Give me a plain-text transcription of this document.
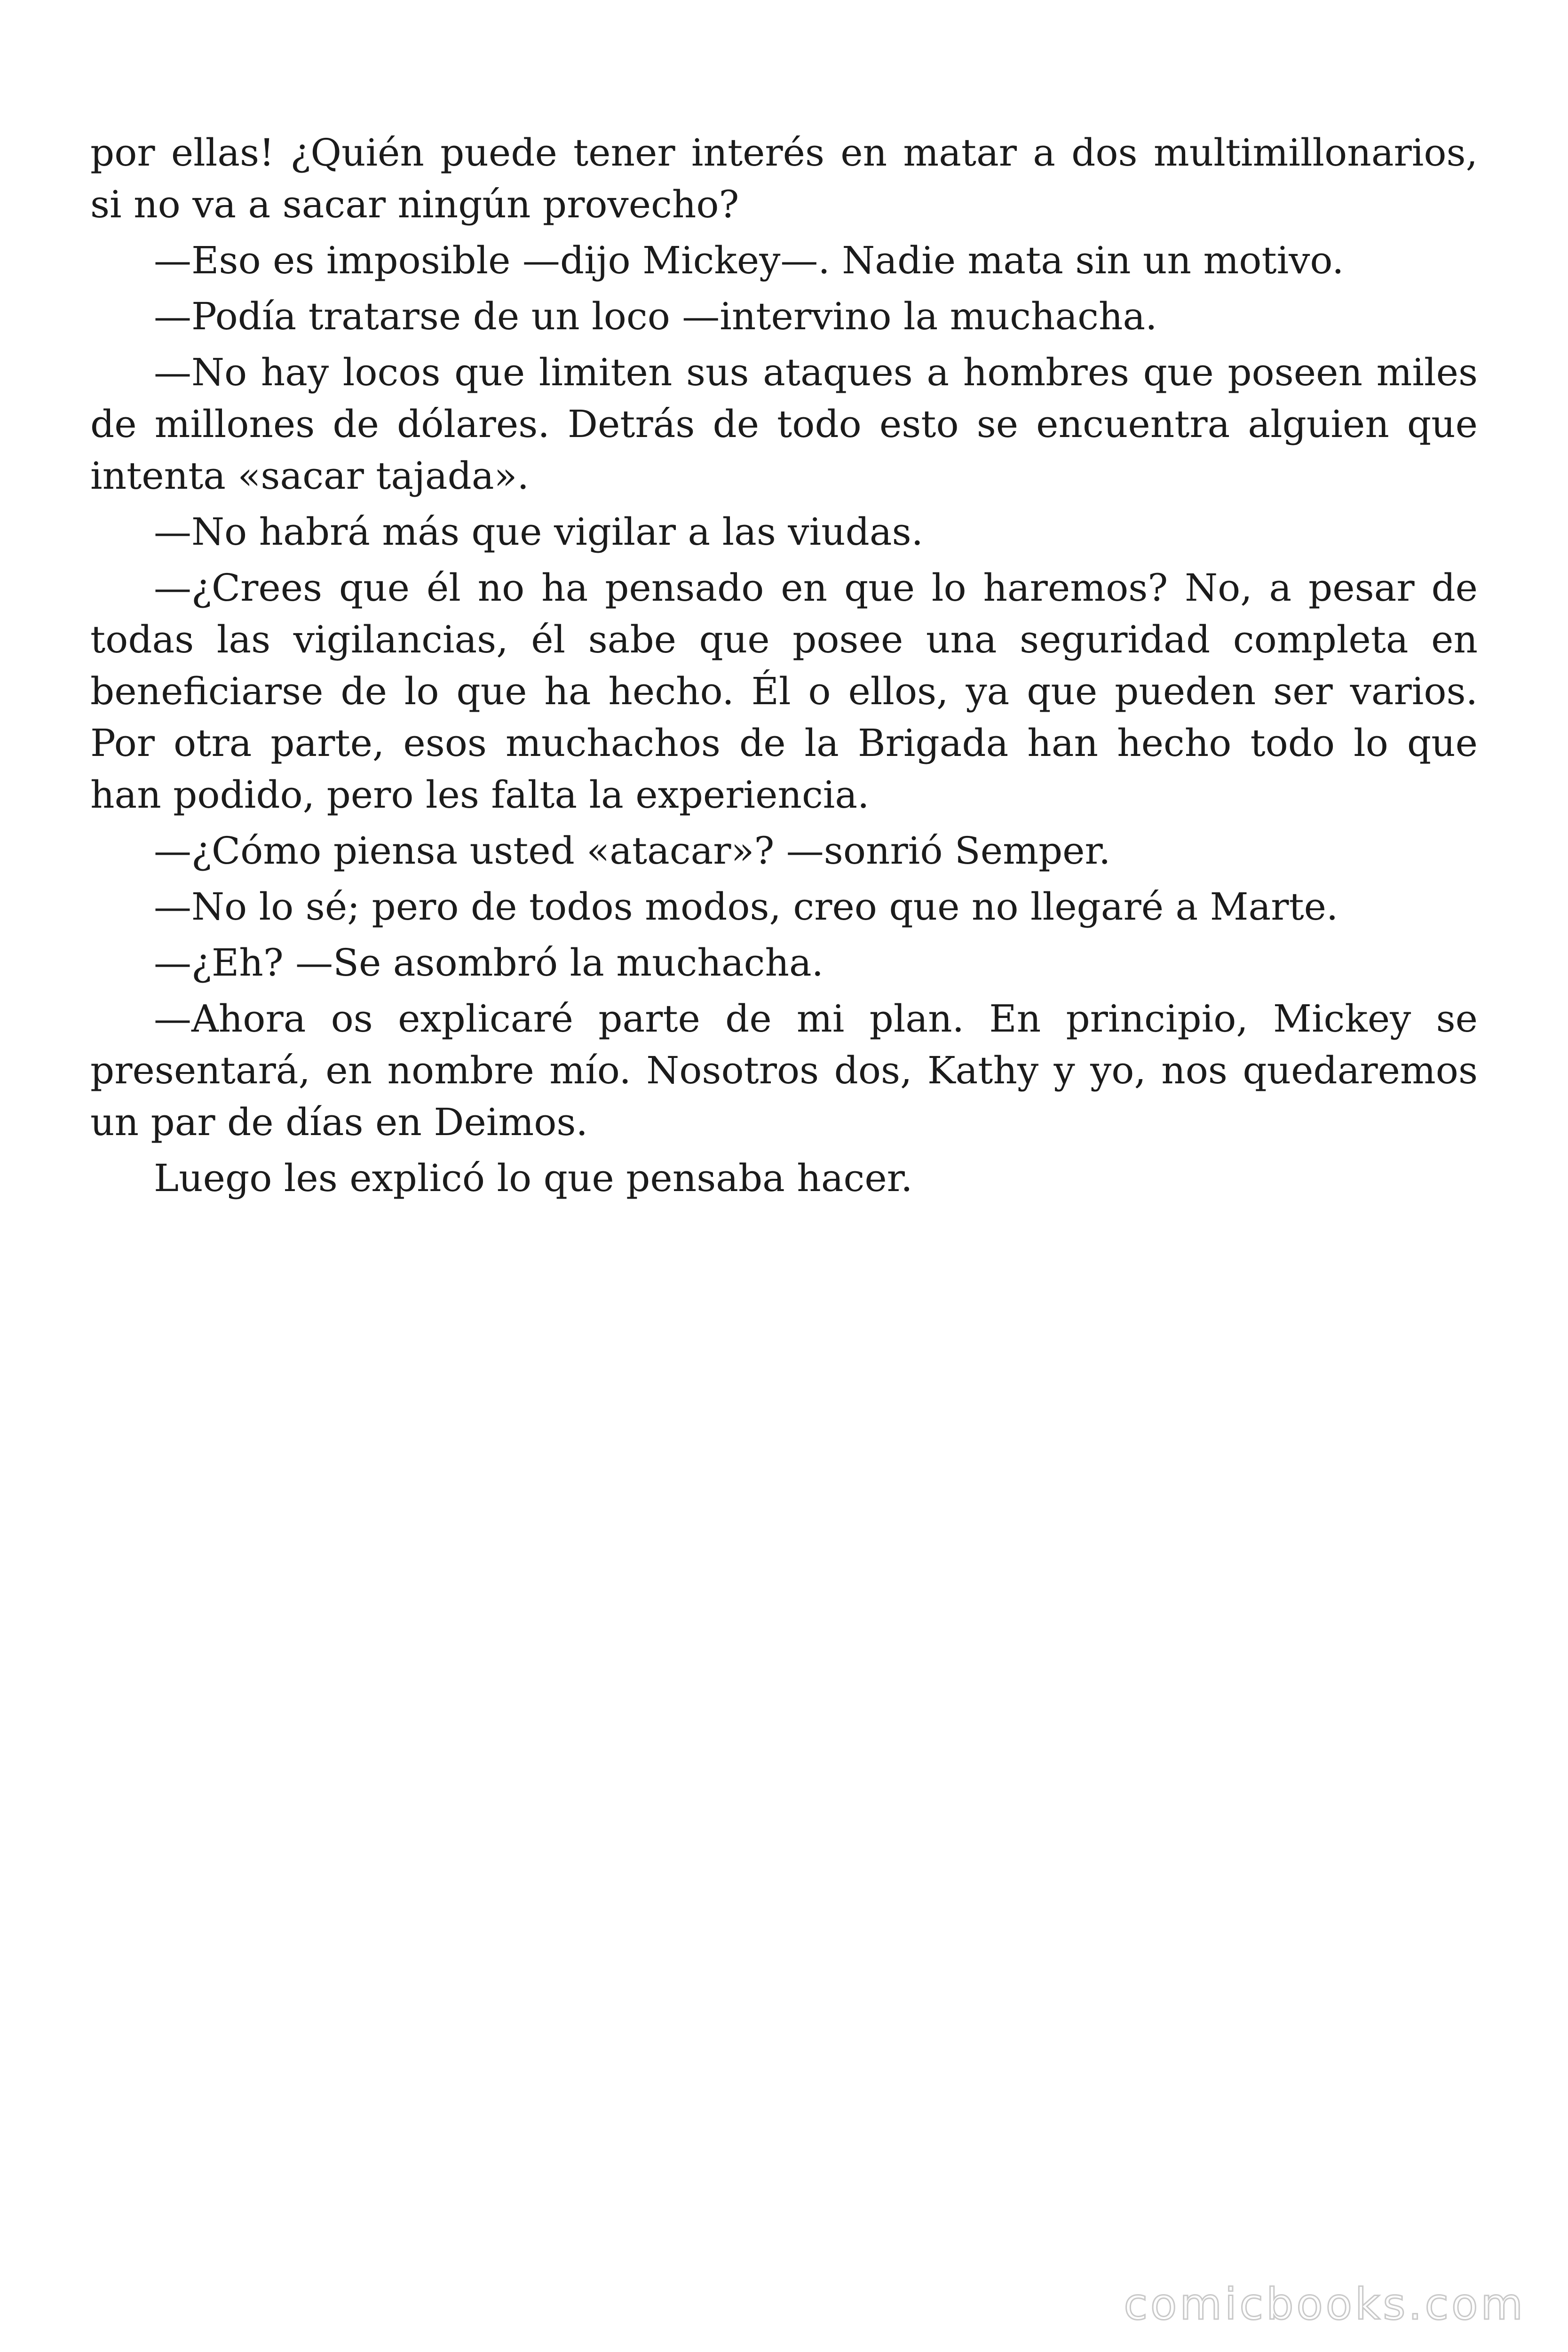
por ellas! ¿Quién puede tener interés en matar a dos multimillonarios, si no va a sacar ningún provecho?

—Eso es imposible —dijo Mickey—. Nadie mata sin un motivo.

—Podía tratarse de un loco —intervino la muchacha.

—No hay locos que limiten sus ataques a hombres que poseen miles de millones de dólares. Detrás de todo esto se encuentra alguien que intenta «sacar tajada».

—No habrá más que vigilar a las viudas.

—¿Crees que él no ha pensado en que lo haremos? No, a pesar de todas las vigilancias, él sabe que posee una seguridad completa en beneficiarse de lo que ha hecho. Él o ellos, ya que pueden ser varios. Por otra parte, esos muchachos de la Brigada han hecho todo lo que han podido, pero les falta la experiencia.

—¿Cómo piensa usted «atacar»? —sonrió Semper.

—No lo sé; pero de todos modos, creo que no llegaré a Marte.

—¿Eh? —Se asombró la muchacha.

—Ahora os explicaré parte de mi plan. En principio, Mickey se presentará, en nombre mío. Nosotros dos, Kathy y yo, nos quedaremos un par de días en Deimos.

Luego les explicó lo que pensaba hacer.

comicbooks.com
